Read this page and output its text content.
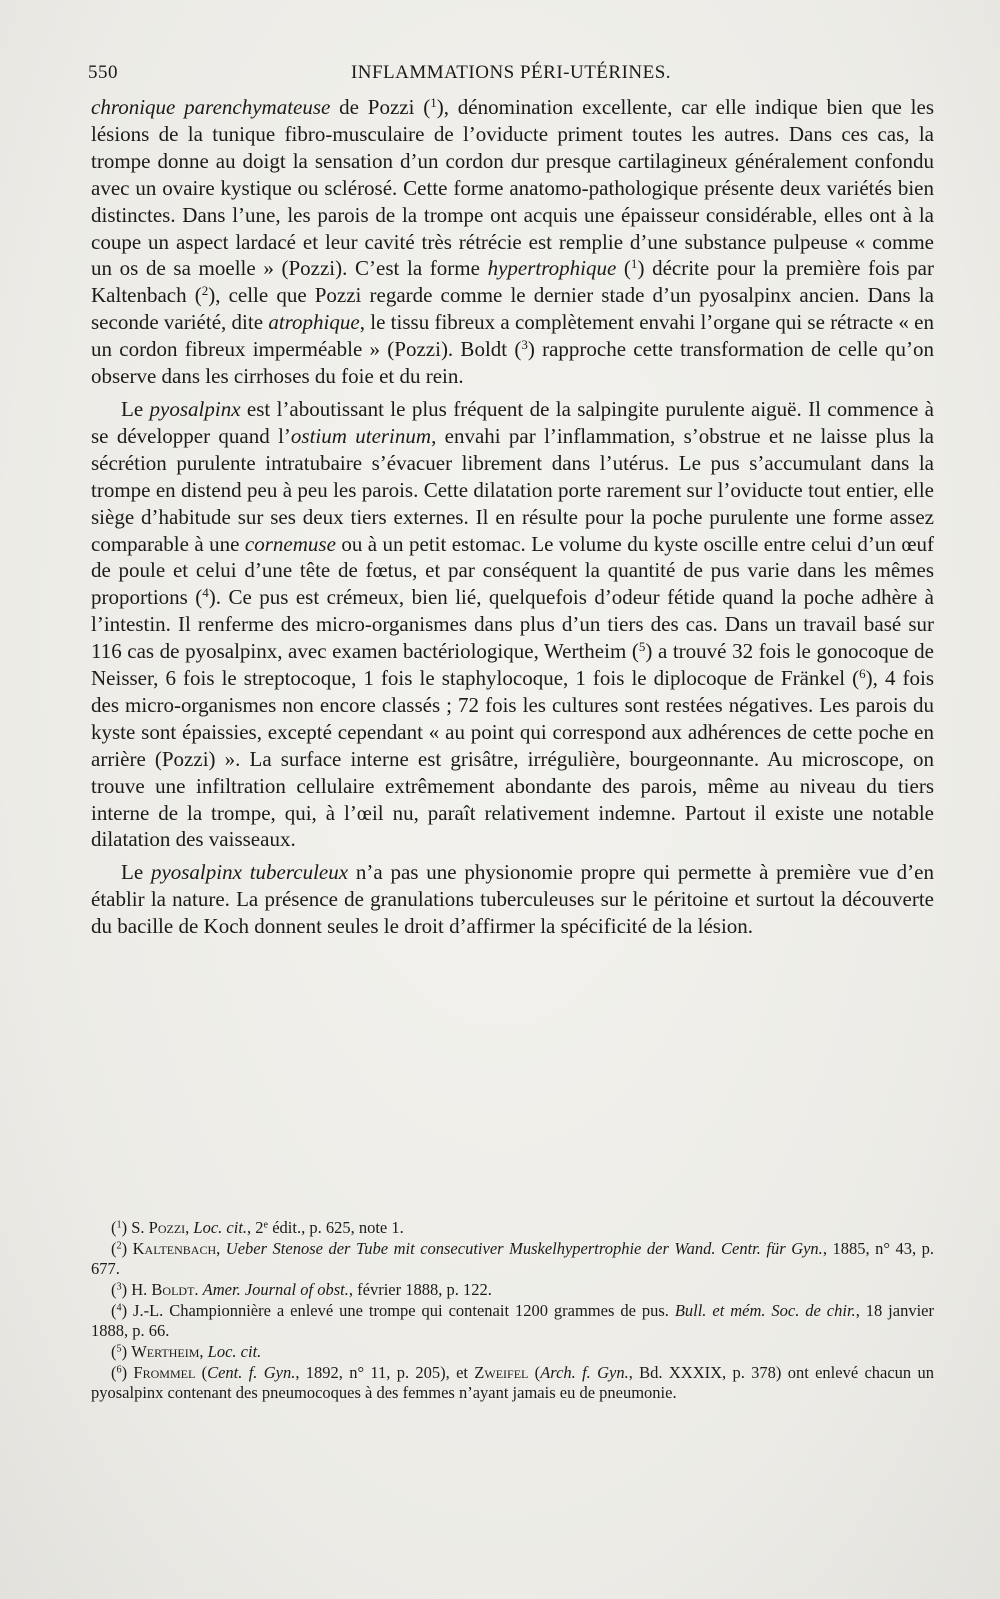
550	INFLAMMATIONS PÉRI-UTÉRINES.

chronique parenchymateuse de Pozzi ($^1$), dénomination excellente, car elle indique bien que les lésions de la tunique fibro-musculaire de l’oviducte priment toutes les autres. Dans ces cas, la trompe donne au doigt la sensation d’un cordon dur presque cartilagineux généralement confondu avec un ovaire kystique ou sclérosé. Cette forme anatomo-pathologique présente deux variétés bien distinctes. Dans l’une, les parois de la trompe ont acquis une épaisseur considérable, elles ont à la coupe un aspect lardacé et leur cavité très rétrécie est remplie d’une substance pulpeuse « comme un os de sa moelle » (Pozzi). C’est la forme hypertrophique ($^1$) décrite pour la première fois par Kaltenbach ($^2$), celle que Pozzi regarde comme le dernier stade d’un pyosalpinx ancien. Dans la seconde variété, dite atrophique, le tissu fibreux a complètement envahi l’organe qui se rétracte « en un cordon fibreux imperméable » (Pozzi). Boldt ($^3$) rapproche cette transformation de celle qu’on observe dans les cirrhoses du foie et du rein.

Le pyosalpinx est l’aboutissant le plus fréquent de la salpingite purulente aiguë. Il commence à se développer quand l’ostium uterinum, envahi par l’inflammation, s’obstrue et ne laisse plus la sécrétion purulente intratubaire s’évacuer librement dans l’utérus. Le pus s’accumulant dans la trompe en distend peu à peu les parois. Cette dilatation porte rarement sur l’oviducte tout entier, elle siège d’habitude sur ses deux tiers externes. Il en résulte pour la poche purulente une forme assez comparable à une cornemuse ou à un petit estomac. Le volume du kyste oscille entre celui d’un œuf de poule et celui d’une tête de fœtus, et par conséquent la quantité de pus varie dans les mêmes proportions ($^4$). Ce pus est crémeux, bien lié, quelquefois d’odeur fétide quand la poche adhère à l’intestin. Il renferme des micro-organismes dans plus d’un tiers des cas. Dans un travail basé sur 116 cas de pyosalpinx, avec examen bactériologique, Wertheim ($^5$) a trouvé 32 fois le gonocoque de Neisser, 6 fois le streptocoque, 1 fois le staphylocoque, 1 fois le diplocoque de Fränkel ($^6$), 4 fois des micro-organismes non encore classés ; 72 fois les cultures sont restées négatives. Les parois du kyste sont épaissies, excepté cependant « au point qui correspond aux adhérences de cette poche en arrière (Pozzi) ». La surface interne est grisâtre, irrégulière, bourgeonnante. Au microscope, on trouve une infiltration cellulaire extrêmement abondante des parois, même au niveau du tiers interne de la trompe, qui, à l’œil nu, paraît relativement indemne. Partout il existe une notable dilatation des vaisseaux.

Le pyosalpinx tuberculeux n’a pas une physionomie propre qui permette à première vue d’en établir la nature. La présence de granulations tuberculeuses sur le péritoine et surtout la découverte du bacille de Koch donnent seules le droit d’affirmer la spécificité de la lésion.

($^1$) S. Pozzi, Loc. cit., 2e édit., p. 625, note 1.

($^2$) Kaltenbach, Ueber Stenose der Tube mit consecutiver Muskelhypertrophie der Wand. Centr. für Gyn., 1885, n° 43, p. 677.

($^3$) H. Boldt. Amer. Journal of obst., février 1888, p. 122.

($^4$) J.-L. Championnière a enlevé une trompe qui contenait 1200 grammes de pus. Bull. et mém. Soc. de chir., 18 janvier 1888, p. 66.

($^5$) Wertheim, Loc. cit.

($^6$) Frommel (Cent. f. Gyn., 1892, n° 11, p. 205), et Zweifel (Arch. f. Gyn., Bd. XXXIX, p. 378) ont enlevé chacun un pyosalpinx contenant des pneumocoques à des femmes n’ayant jamais eu de pneumonie.
